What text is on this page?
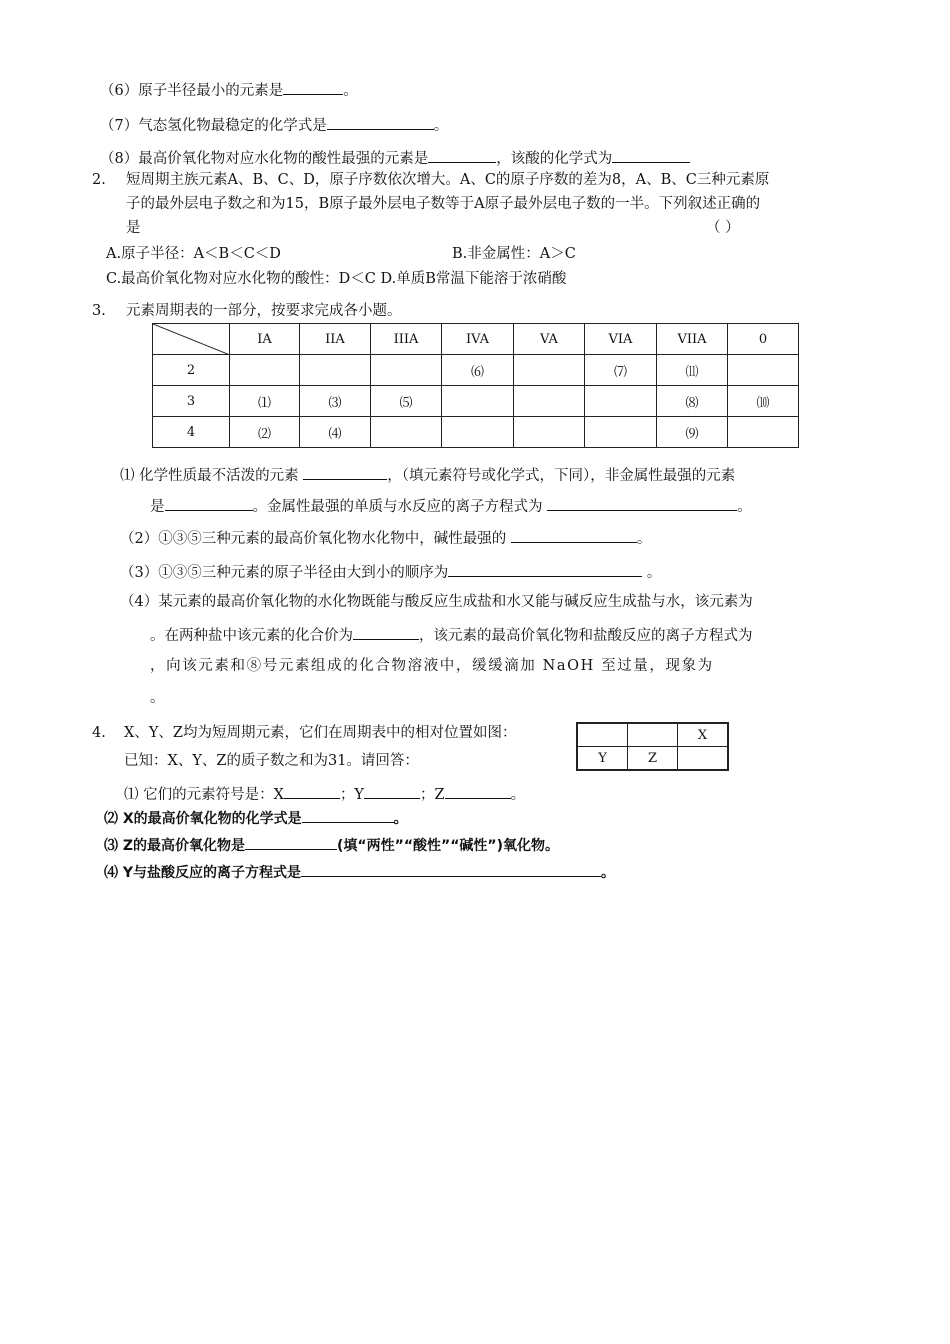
（6）原子半径最小的元素是	。
（7）气态氢化物最稳定的化学式是	。
（8）最高价氧化物对应水化物的酸性最强的元素是	，该酸的化学式为
2. 短周期主族元素A、B、C、D，原子序数依次增大。A、C的原子序数的差为8，A、B、C三种元素原
子的最外层电子数之和为15，B原子最外层电子数等于A原子最外层电子数的一半。下列叙述正确的
是	（ ）
A.原子半径：A＜B＜C＜D	B.非金属性：A＞C
C.最高价氧化物对应水化物的酸性：D＜C D.单质B常温下能溶于浓硝酸
3. 元素周期表的一部分，按要求完成各小题。
	IA	IIA	IIIA	IVA	VA	VIA	VIIA	0
2				⑹		⑺	⑾	
3	⑴	⑶	⑸				⑻	⑽
4	⑵	⑷					⑼	
⑴ 化学性质最不活泼的元素	，（填元素符号或化学式，下同），非金属性最强的元素
是	。金属性最强的单质与水反应的离子方程式为	。
（2）①③⑤三种元素的最高价氧化物水化物中，碱性最强的	。
（3）①③⑤三种元素的原子半径由大到小的顺序为	。
（4）某元素的最高价氧化物的水化物既能与酸反应生成盐和水又能与碱反应生成盐与水，该元素为
。在两种盐中该元素的化合价为	，该元素的最高价氧化物和盐酸反应的离子方程式为
，向该元素和⑧号元素组成的化合物溶液中，缓缓滴加 NaOH 至过量，现象为
。
4. X、Y、Z均为短周期元素，它们在周期表中的相对位置如图：
已知：X、Y、Z的质子数之和为31。请回答：
		X
Y	Z	
⑴ 它们的元素符号是：X	；Y	；Z	。
⑵ X的最高价氧化物的化学式是	。
⑶ Z的最高价氧化物是	(填“两性”“酸性”“碱性”)氧化物。
⑷ Y与盐酸反应的离子方程式是	。
